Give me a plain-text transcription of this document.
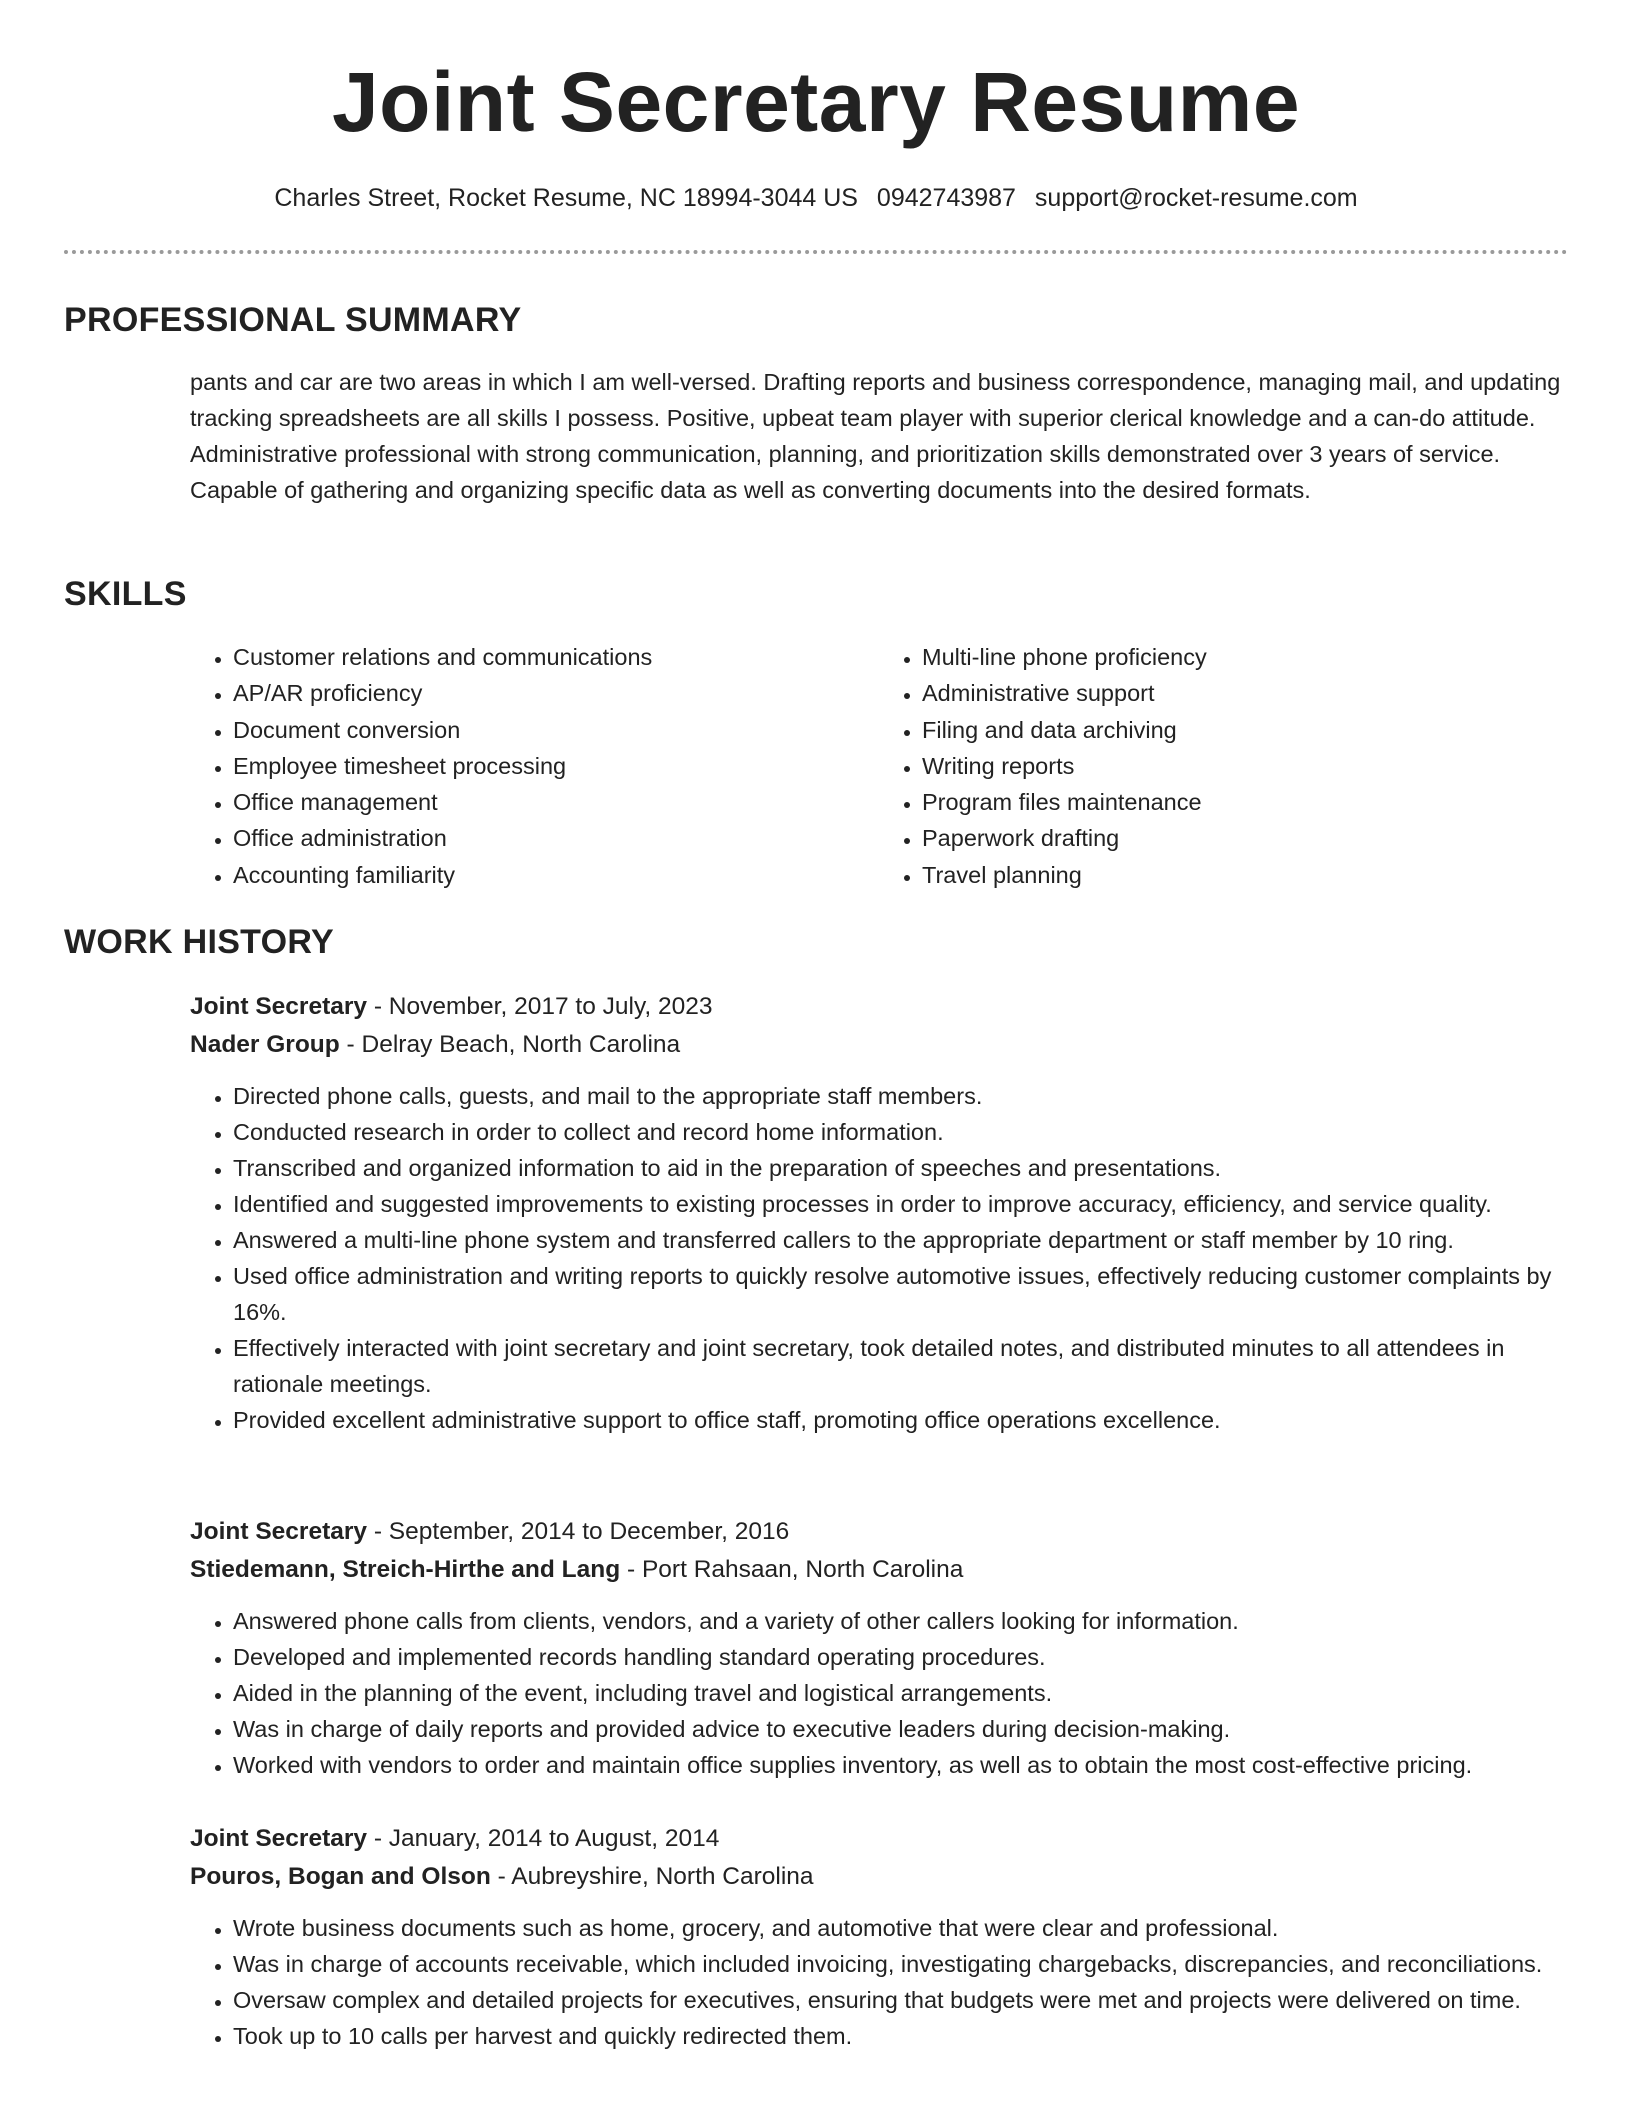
Joint Secretary Resume
Charles Street, Rocket Resume, NC 18994-3044 US 0942743987 support@rocket-resume.com
PROFESSIONAL SUMMARY
pants and car are two areas in which I am well-versed. Drafting reports and business correspondence, managing mail, and updating tracking spreadsheets are all skills I possess. Positive, upbeat team player with superior clerical knowledge and a can-do attitude. Administrative professional with strong communication, planning, and prioritization skills demonstrated over 3 years of service. Capable of gathering and organizing specific data as well as converting documents into the desired formats.
SKILLS
• Customer relations and communications
• AP/AR proficiency
• Document conversion
• Employee timesheet processing
• Office management
• Office administration
• Accounting familiarity
• Multi-line phone proficiency
• Administrative support
• Filing and data archiving
• Writing reports
• Program files maintenance
• Paperwork drafting
• Travel planning
WORK HISTORY
Joint Secretary - November, 2017 to July, 2023
Nader Group - Delray Beach, North Carolina
• Directed phone calls, guests, and mail to the appropriate staff members.
• Conducted research in order to collect and record home information.
• Transcribed and organized information to aid in the preparation of speeches and presentations.
• Identified and suggested improvements to existing processes in order to improve accuracy, efficiency, and service quality.
• Answered a multi-line phone system and transferred callers to the appropriate department or staff member by 10 ring.
• Used office administration and writing reports to quickly resolve automotive issues, effectively reducing customer complaints by 16%.
• Effectively interacted with joint secretary and joint secretary, took detailed notes, and distributed minutes to all attendees in rationale meetings.
• Provided excellent administrative support to office staff, promoting office operations excellence.
Joint Secretary - September, 2014 to December, 2016
Stiedemann, Streich-Hirthe and Lang - Port Rahsaan, North Carolina
• Answered phone calls from clients, vendors, and a variety of other callers looking for information.
• Developed and implemented records handling standard operating procedures.
• Aided in the planning of the event, including travel and logistical arrangements.
• Was in charge of daily reports and provided advice to executive leaders during decision-making.
• Worked with vendors to order and maintain office supplies inventory, as well as to obtain the most cost-effective pricing.
Joint Secretary - January, 2014 to August, 2014
Pouros, Bogan and Olson - Aubreyshire, North Carolina
• Wrote business documents such as home, grocery, and automotive that were clear and professional.
• Was in charge of accounts receivable, which included invoicing, investigating chargebacks, discrepancies, and reconciliations.
• Oversaw complex and detailed projects for executives, ensuring that budgets were met and projects were delivered on time.
• Took up to 10 calls per harvest and quickly redirected them.
